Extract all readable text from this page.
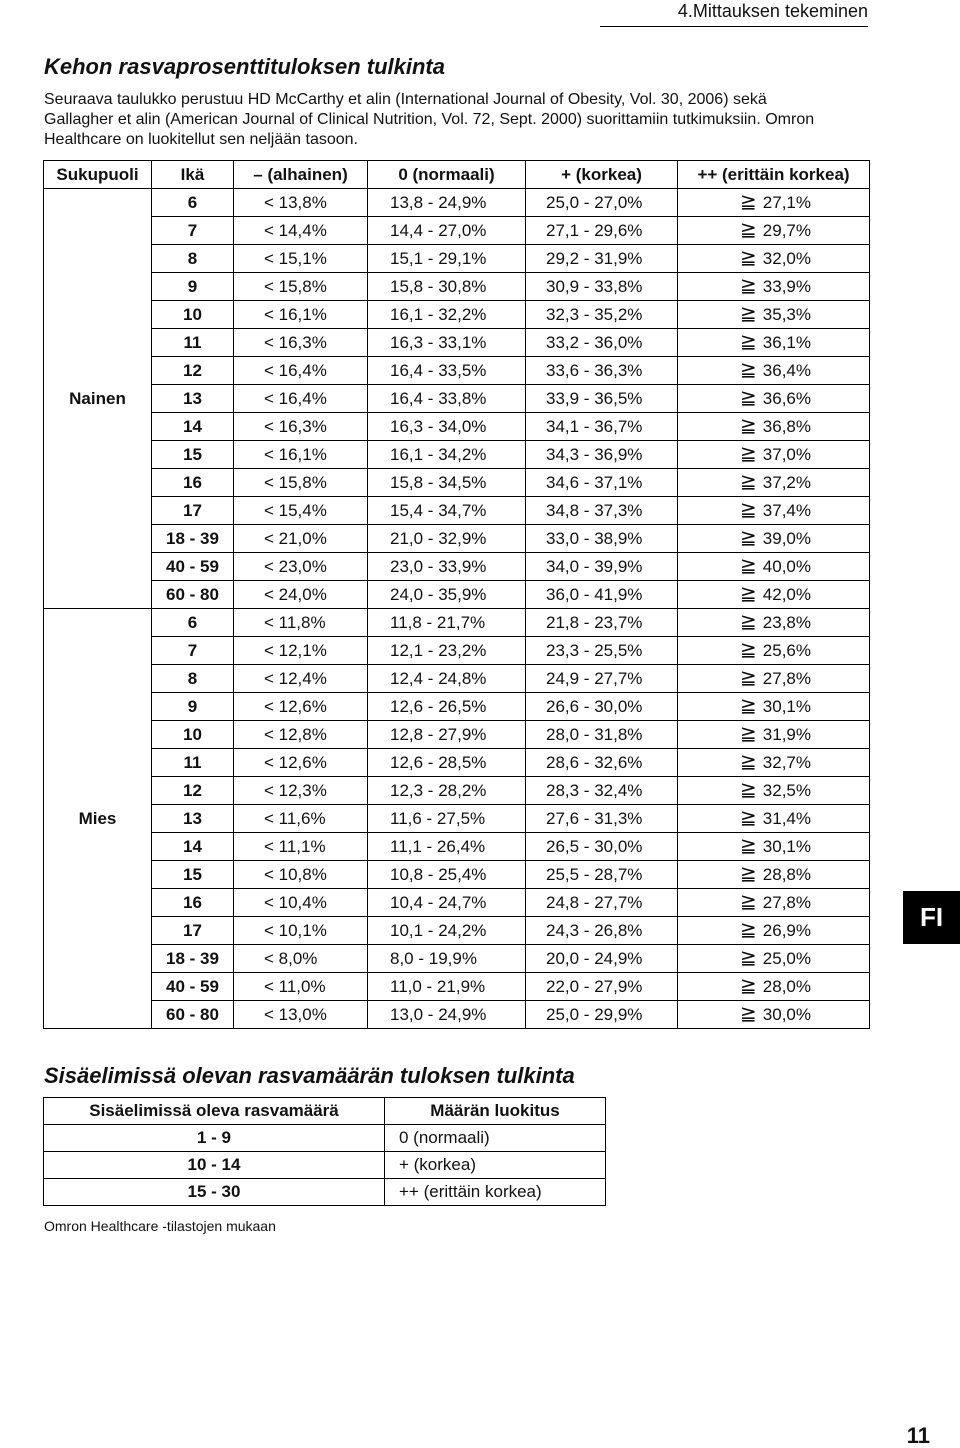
4.Mittauksen tekeminen
Kehon rasvaprosenttituloksen tulkinta

Seuraava taulukko perustuu HD McCarthy et alin (International Journal of Obesity, Vol. 30, 2006) sekä
Gallagher et alin (American Journal of Clinical Nutrition, Vol. 72, Sept. 2000) suorittamiin tutkimuksiin. Omron
Healthcare on luokitellut sen neljään tasoon.

Sukupuoli	Ikä	– (alhainen)	0 (normaali)	+ (korkea)	++ (erittäin korkea)
Nainen	6	< 13,8%	13,8 - 24,9%	25,0 - 27,0%	≧ 27,1%
	7	< 14,4%	14,4 - 27,0%	27,1 - 29,6%	≧ 29,7%
	8	< 15,1%	15,1 - 29,1%	29,2 - 31,9%	≧ 32,0%
	9	< 15,8%	15,8 - 30,8%	30,9 - 33,8%	≧ 33,9%
	10	< 16,1%	16,1 - 32,2%	32,3 - 35,2%	≧ 35,3%
	11	< 16,3%	16,3 - 33,1%	33,2 - 36,0%	≧ 36,1%
	12	< 16,4%	16,4 - 33,5%	33,6 - 36,3%	≧ 36,4%
	13	< 16,4%	16,4 - 33,8%	33,9 - 36,5%	≧ 36,6%
	14	< 16,3%	16,3 - 34,0%	34,1 - 36,7%	≧ 36,8%
	15	< 16,1%	16,1 - 34,2%	34,3 - 36,9%	≧ 37,0%
	16	< 15,8%	15,8 - 34,5%	34,6 - 37,1%	≧ 37,2%
	17	< 15,4%	15,4 - 34,7%	34,8 - 37,3%	≧ 37,4%
	18 - 39	< 21,0%	21,0 - 32,9%	33,0 - 38,9%	≧ 39,0%
	40 - 59	< 23,0%	23,0 - 33,9%	34,0 - 39,9%	≧ 40,0%
	60 - 80	< 24,0%	24,0 - 35,9%	36,0 - 41,9%	≧ 42,0%
Mies	6	< 11,8%	11,8 - 21,7%	21,8 - 23,7%	≧ 23,8%
	7	< 12,1%	12,1 - 23,2%	23,3 - 25,5%	≧ 25,6%
	8	< 12,4%	12,4 - 24,8%	24,9 - 27,7%	≧ 27,8%
	9	< 12,6%	12,6 - 26,5%	26,6 - 30,0%	≧ 30,1%
	10	< 12,8%	12,8 - 27,9%	28,0 - 31,8%	≧ 31,9%
	11	< 12,6%	12,6 - 28,5%	28,6 - 32,6%	≧ 32,7%
	12	< 12,3%	12,3 - 28,2%	28,3 - 32,4%	≧ 32,5%
	13	< 11,6%	11,6 - 27,5%	27,6 - 31,3%	≧ 31,4%
	14	< 11,1%	11,1 - 26,4%	26,5 - 30,0%	≧ 30,1%
	15	< 10,8%	10,8 - 25,4%	25,5 - 28,7%	≧ 28,8%
	16	< 10,4%	10,4 - 24,7%	24,8 - 27,7%	≧ 27,8%
	17	< 10,1%	10,1 - 24,2%	24,3 - 26,8%	≧ 26,9%
	18 - 39	< 8,0%	8,0 - 19,9%	20,0 - 24,9%	≧ 25,0%
	40 - 59	< 11,0%	11,0 - 21,9%	22,0 - 27,9%	≧ 28,0%
	60 - 80	< 13,0%	13,0 - 24,9%	25,0 - 29,9%	≧ 30,0%
Sisäelimissä olevan rasvamäärän tuloksen tulkinta
Sisäelimissä oleva rasvamäärä	Määrän luokitus
1 - 9	0 (normaali)
10 - 14	+ (korkea)
15 - 30	++ (erittäin korkea)

Omron Healthcare -tilastojen mukaan

FI
11
